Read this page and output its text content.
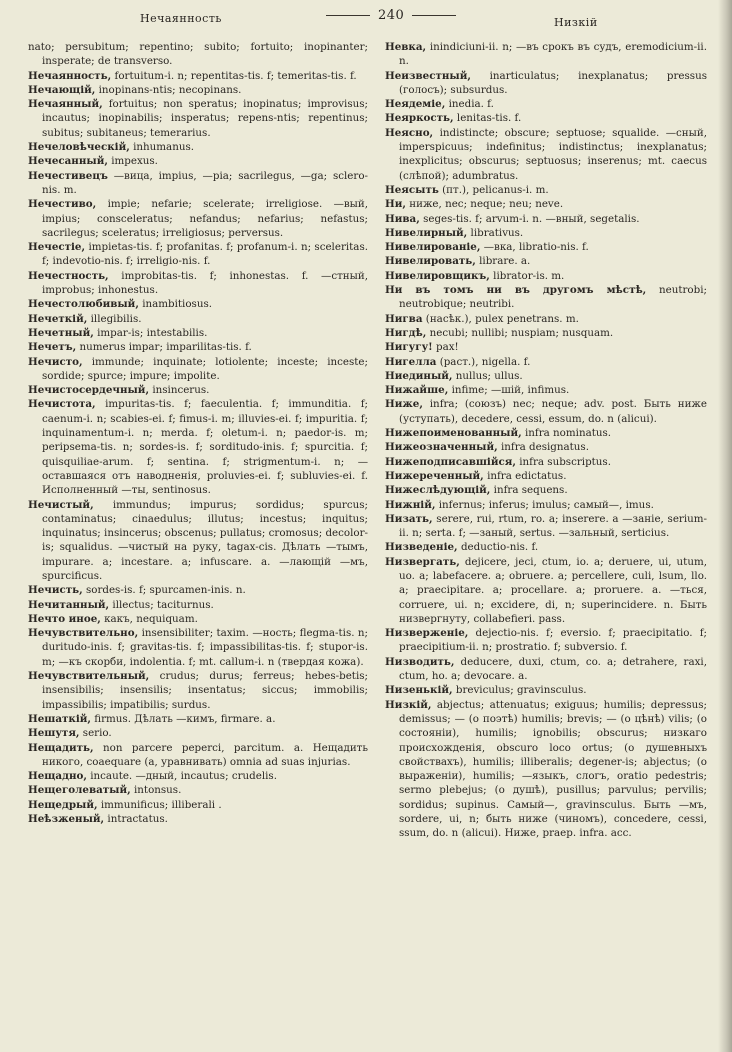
Нечаянность	240	Низкій
nato; persubitum; repentino; subito; fortuito; inopinanter; insperate; de transverso.
Нечаянность, fortuitum-i. n; repentitas-tis. f; temeritas-tis. f.
Нечающій, inopinans-ntis; necopinans.
Нечаянный, fortuitus; non speratus; inopinatus; improvisus; incautus; inopinabilis; insperatus; repens-ntis; repentinus; subitus; subitaneus; temerarius.
Нечеловѣческій, inhumanus.
Нечесанный, impexus.
Нечестивецъ —вица, impius, —pia; sacrilegus, —ga; sclero-nis. m.
Нечестиво, impie; nefarie; scelerate; irreligiose. —вый, impius; consceleratus; nefandus; nefarius; nefastus; sacrilegus; sceleratus; irreligiosus; perversus.
Нечестіе, impietas-tis. f; profanitas. f; profanum-i. n; sceleritas. f; indevotio-nis. f; irreligio-nis. f.
Нечестность, improbitas-tis. f; inhonestas. f. —стный, improbus; inhonestus.
Нечестолюбивый, inambitiosus.
Нечеткій, illegibilis.
Нечетный, impar-is; intestabilis.
Нечетъ, numerus impar; imparilitas-tis. f.
Нечисто, immunde; inquinate; lotiolente; inceste; inceste; sordide; spurce; impure; impolite.
Нечистосердечный, insincerus.
Нечистота, impuritas-tis. f; faeculentia. f; immunditia. f; caenum-i. n; scabies-ei. f; fimus-i. m; illuvies-ei. f; impuritia. f; inquinamentum-i. n; merda. f; oletum-i. n; paedor-is. m; peripsema-tis. n; sordes-is. f; sorditudo-inis. f; spurcitia. f; quisquiliae-arum. f; sentina. f; strigmentum-i. n; — оставшаяся отъ наводненія, proluvies-ei. f; subluvies-ei. f. Исполненный —ты, sentinosus.
Нечистый, immundus; impurus; sordidus; spurcus; contaminatus; cinaedulus; illutus; incestus; inquitus; inquinatus; insincerus; obscenus; pullatus; cromosus; decolor-is; squalidus. —чистый на руку, tagax-cis. Дѣлать —тымъ, impurare. a; incestare. a; infuscare. a. —лающій —мъ, spurcificus.
Нечисть, sordes-is. f; spurcamen-inis. n.
Нечитанный, illectus; taciturnus.
Нечто иное, какъ, nequiquam.
Нечувствительно, insensibiliter; taxim. —ность; flegma-tis. n; duritudo-inis. f; gravitas-tis. f; impassibilitas-tis. f; stupor-is. m; —къ скорби, indolentia. f; mt. callum-i. n (твердая кожа).
Нечувствительный, crudus; durus; ferreus; hebes-betis; insensibilis; insensilis; insentatus; siccus; immobilis; impassibilis; impatibilis; surdus.
Нешаткій, firmus. Дѣлать —кимъ, firmare. a.
Нешутя, serio.
Нещадить, non parcere peperci, parcitum. a. Нещадить никого, coaequare (a, уравнивать) omnia ad suas injurias.
Нещадно, incaute. —дный, incautus; crudelis.
Нещеголеватый, intonsus.
Нещедрый, immunificus; illiberali .
Неѣзженый, intractatus.
Невка, inindiciuni-ii. n; —въ срокъ въ судъ, eremodicium-ii. n.
Неизвестный, inarticulatus; inexplanatus; pressus (голосъ); subsurdus.
Неядеміе, inedia. f.
Неяркость, lenitas-tis. f.
Неясно, indistincte; obscure; septuose; squalide. —сный, imperspicuus; indefinitus; indistinctus; inexplanatus; inexplicitus; obscurus; septuosus; inserenus; mt. caecus (слѣпой); adumbratus.
Неясыть (пт.), pelicanus-i. m.
Ни, ниже, nec; neque; neu; neve.
Нива, seges-tis. f; arvum-i. n. —вный, segetalis.
Нивелирный, librativus.
Нивелированіе, —вка, libratio-nis. f.
Нивелировать, librare. a.
Нивелировщикъ, librator-is. m.
Ни въ томъ ни въ другомъ мѣстѣ, neutrobi; neutrobique; neutribi.
Нигва (насѣк.), pulex penetrans. m.
Нигдѣ, necubi; nullibi; nuspiam; nusquam.
Нигугу! pax!
Нигелла (раст.), nigella. f.
Ниединый, nullus; ullus.
Нижайше, infime; —шій, infimus.
Ниже, infra; (союзъ) nec; neque; adv. post. Быть ниже (уступать), decedere, cessi, essum, do. n (alicui).
Нижепоименованный, infra nominatus.
Нижеозначенный, infra designatus.
Нижеподписавшійся, infra subscriptus.
Нижереченный, infra edictatus.
Нижеслѣдующій, infra sequens.
Нижній, infernus; inferus; imulus; самый—, imus.
Низать, serere, rui, rtum, ro. a; inserere. a —заніе, serium-ii. n; serta. f; —заный, sertus. —зальный, serticius.
Низведеніе, deductio-nis. f.
Низвергать, dejicere, jeci, ctum, io. a; deruere, ui, utum, uo. a; labefacere. a; obruere. a; percellere, culi, lsum, llo. a; praecipitare. a; procellare. a; proruere. a. —ться, corruere, ui. n; excidere, di, n; superincidere. n. Быть низвергнуту, collabefieri. pass.
Низверженіе, dejectio-nis. f; eversio. f; praecipitatio. f; praecipitium-ii. n; prostratio. f; subversio. f.
Низводить, deducere, duxi, ctum, co. a; detrahere, raxi, ctum, ho. a; devocare. a.
Низенькій, breviculus; gravinsculus.
Низкій, abjectus; attenuatus; exiguus; humilis; depressus; demissus; — (о поэтѣ) humilis; brevis; — (о цѣнѣ) vilis; (о состояніи), humilis; ignobilis; obscurus; низкаго происхожденія, obscuro loco ortus; (о душевныхъ свойствахъ), humilis; illiberalis; degener-is; abjectus; (о выраженіи), humilis; —языкъ, слогъ, oratio pedestris; sermo plebejus; (о душѣ), pusillus; parvulus; pervilis; sordidus; supinus. Самый—, gravinsculus. Быть —мъ, sordere, ui, n; быть ниже (чиномъ), concedere, cessi, ssum, do. n (alicui). Ниже, praep. infra. acc.
